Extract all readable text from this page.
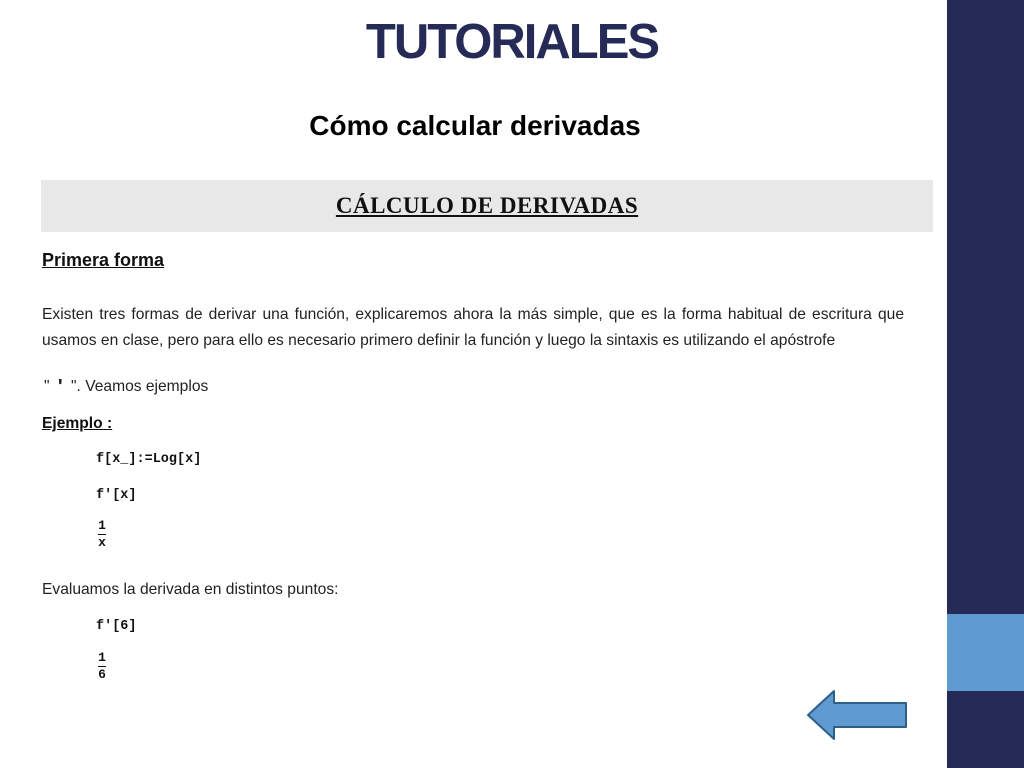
TUTORIALES
Cómo calcular derivadas
CÁLCULO DE DERIVADAS
Primera forma
Existen tres formas de derivar una función, explicaremos ahora la más simple, que es la forma habitual de escritura que usamos en clase, pero para ello es necesario primero definir la función y luego la sintaxis es utilizando el apóstrofe
" ' ". Veamos ejemplos
Ejemplo :
f[x_]:=Log[x]
f'[x]
1
x
Evaluamos la derivada en distintos puntos:
f'[6]
1
6
